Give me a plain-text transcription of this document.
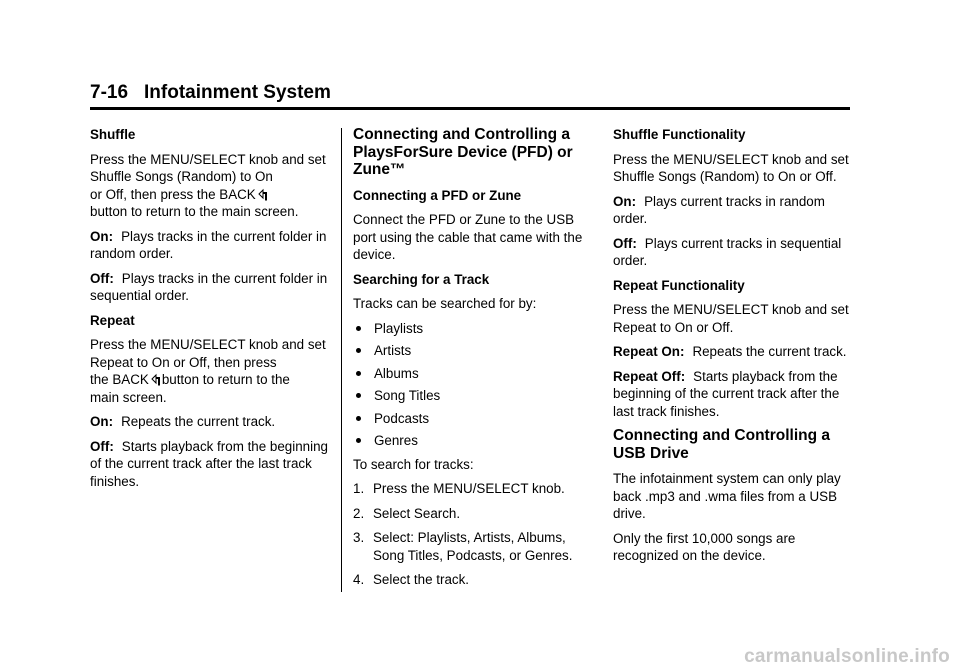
7-16 Infotainment System

Shuffle

Press the MENU/SELECT knob and set Shuffle Songs (Random) to On
or Off, then press the BACK

button to return to the main screen.

On: Plays tracks in the current folder in random order.

Off: Plays tracks in the current folder in sequential order.

Repeat

Press the MENU/SELECT knob and set Repeat to On or Off, then press
the BACK button to return to the
main screen.

On: Repeats the current track.

Off: Starts playback from the beginning of the current track after the last track finishes.

Connecting and Controlling a PlaysForSure Device (PFD) or Zune™

Connecting a PFD or Zune

Connect the PFD or Zune to the USB port using the cable that came with the device.

Searching for a Track

Tracks can be searched for by:

Playlists
Artists
Albums
Song Titles
Podcasts
Genres

To search for tracks:

1. Press the MENU/SELECT knob.
2. Select Search.
3. Select: Playlists, Artists, Albums, Song Titles, Podcasts, or Genres.
4. Select the track.

Shuffle Functionality

Press the MENU/SELECT knob and set Shuffle Songs (Random) to On or Off.

On: Plays current tracks in random order.

Off: Plays current tracks in sequential order.

Repeat Functionality

Press the MENU/SELECT knob and set Repeat to On or Off.

Repeat On: Repeats the current track.

Repeat Off: Starts playback from the beginning of the current track after the last track finishes.

Connecting and Controlling a USB Drive

The infotainment system can only play back .mp3 and .wma files from a USB drive.

Only the first 10,000 songs are recognized on the device.

carmanualsonline.info
